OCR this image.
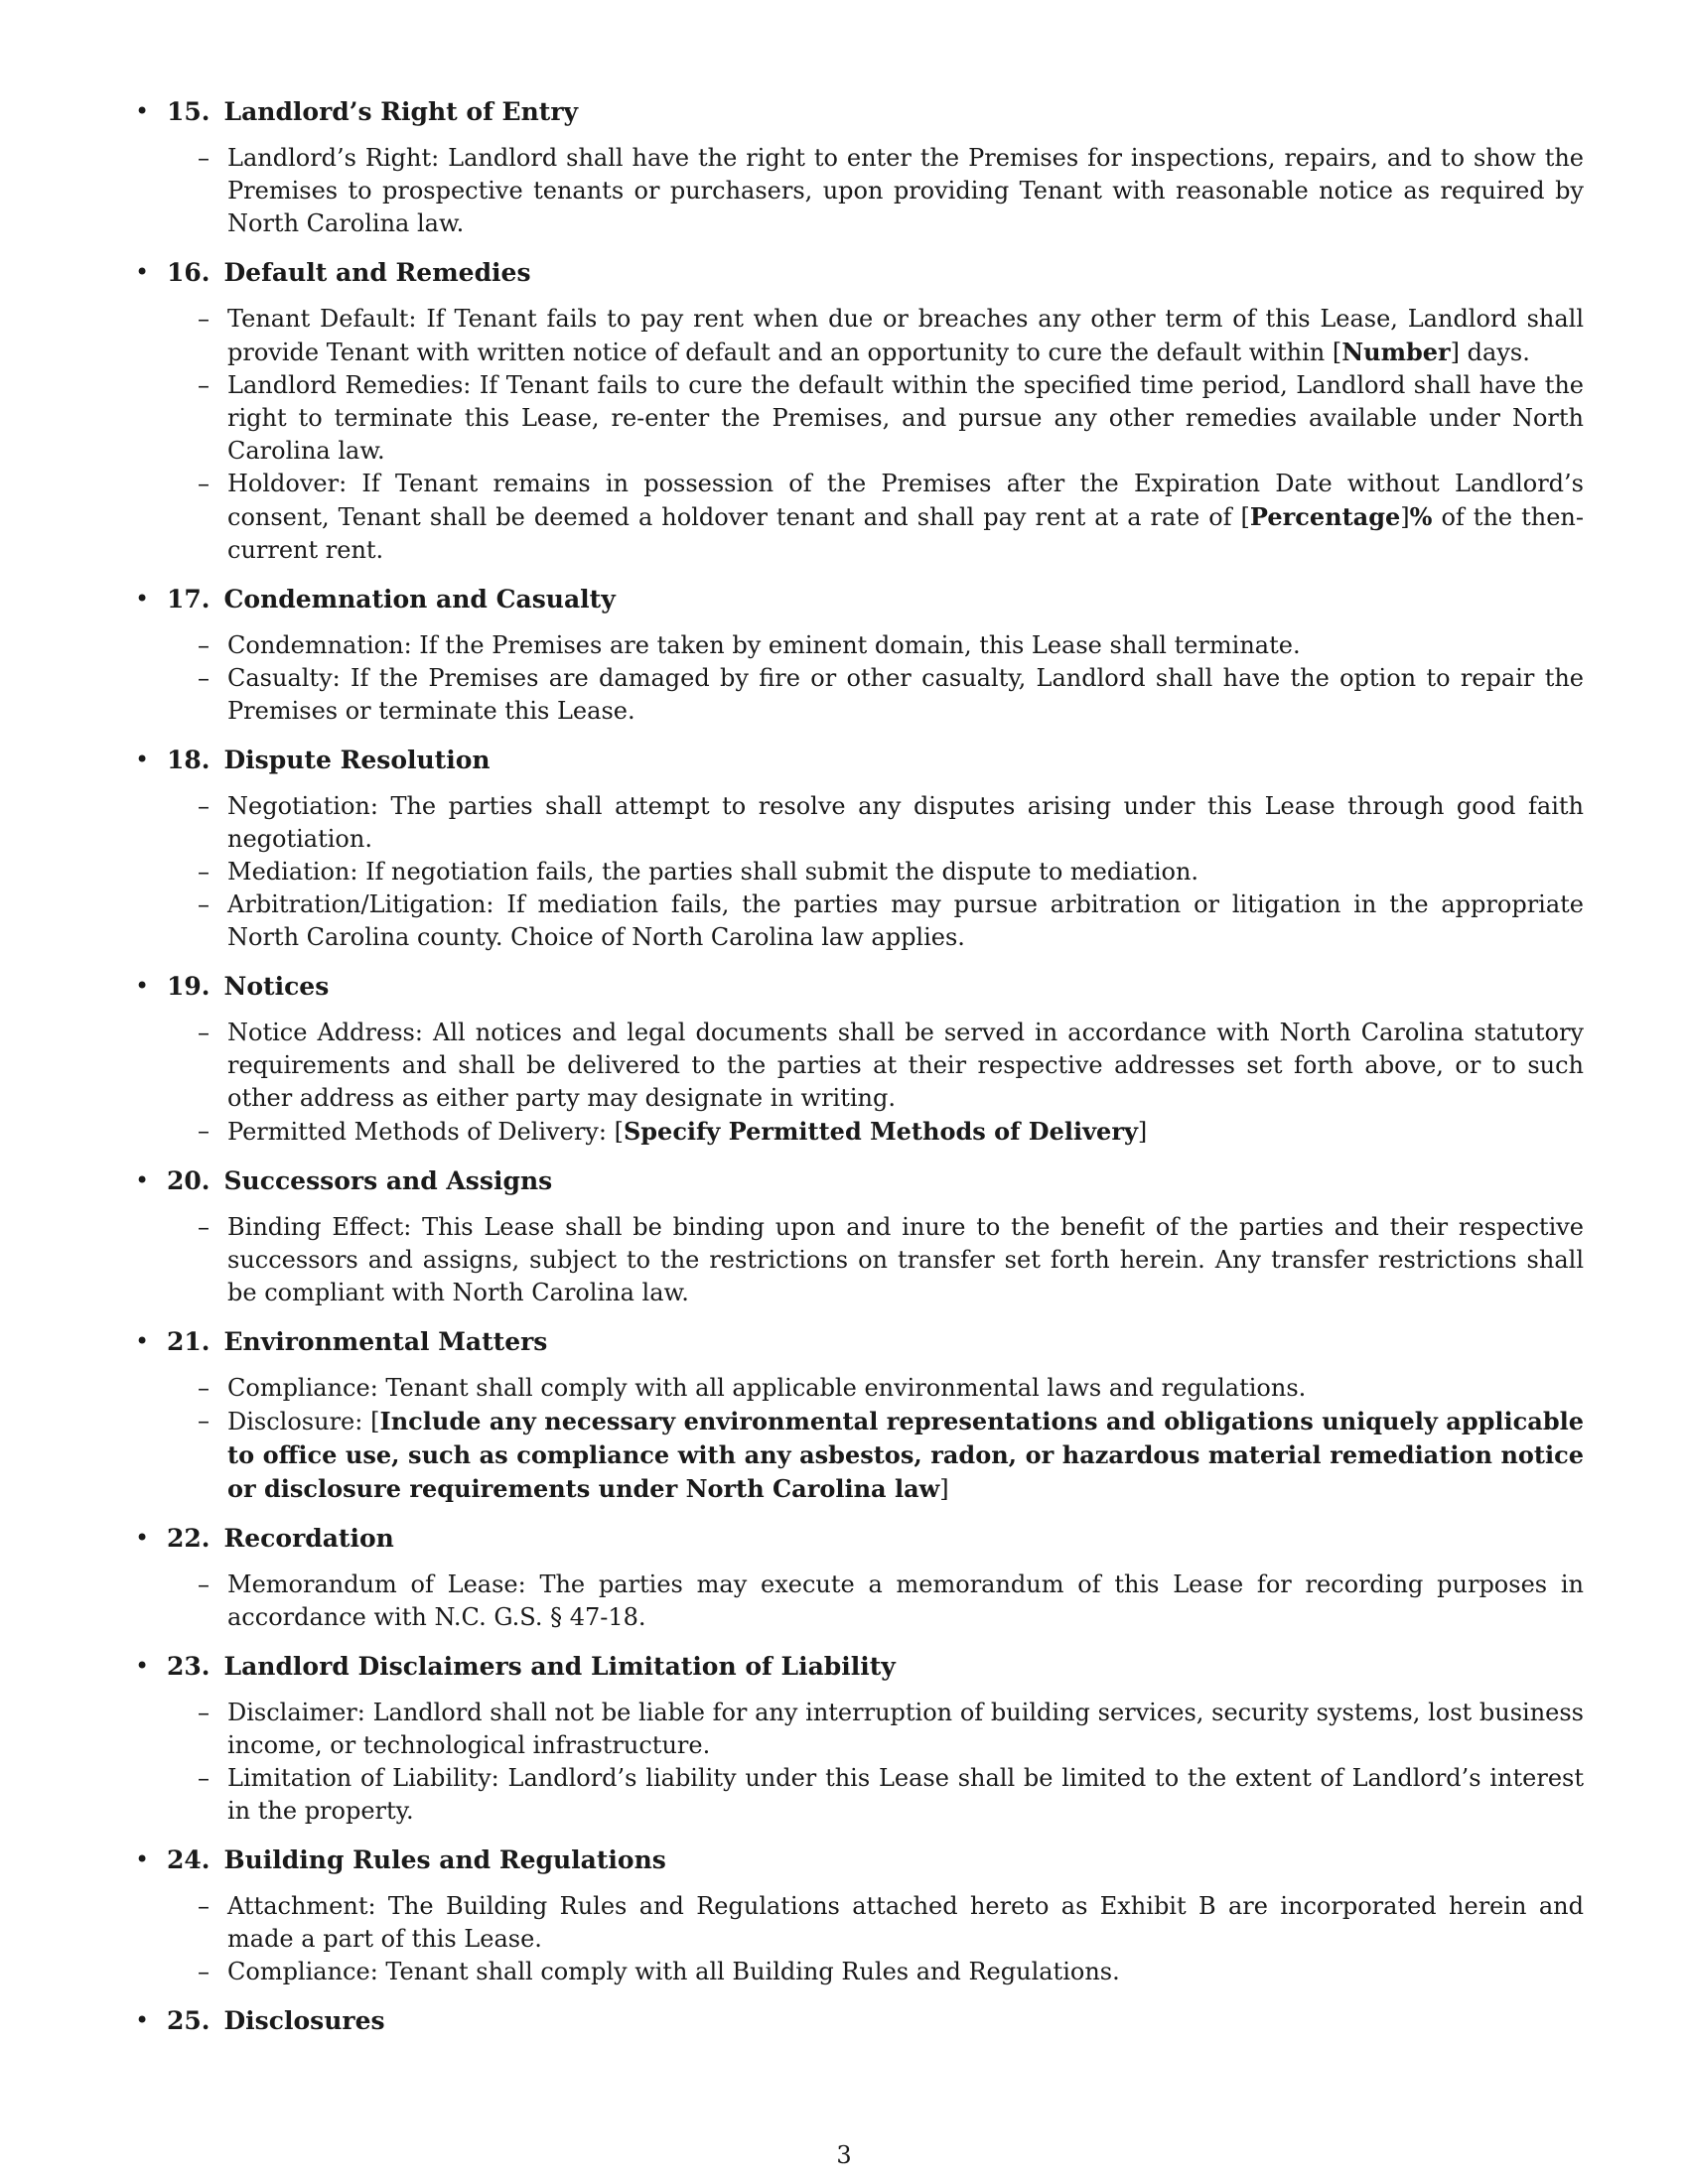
• 15. Landlord’s Right of Entry
– Landlord’s Right: Landlord shall have the right to enter the Premises for inspections, repairs, and to show the Premises to prospective tenants or purchasers, upon providing Tenant with reasonable notice as required by North Carolina law.
• 16. Default and Remedies
– Tenant Default: If Tenant fails to pay rent when due or breaches any other term of this Lease, Landlord shall provide Tenant with written notice of default and an opportunity to cure the default within [Number] days.
– Landlord Remedies: If Tenant fails to cure the default within the specified time period, Landlord shall have the right to terminate this Lease, re-enter the Premises, and pursue any other remedies available under North Carolina law.
– Holdover: If Tenant remains in possession of the Premises after the Expiration Date without Landlord’s consent, Tenant shall be deemed a holdover tenant and shall pay rent at a rate of [Percentage]% of the then-current rent.
• 17. Condemnation and Casualty
– Condemnation: If the Premises are taken by eminent domain, this Lease shall terminate.
– Casualty: If the Premises are damaged by fire or other casualty, Landlord shall have the option to repair the Premises or terminate this Lease.
• 18. Dispute Resolution
– Negotiation: The parties shall attempt to resolve any disputes arising under this Lease through good faith negotiation.
– Mediation: If negotiation fails, the parties shall submit the dispute to mediation.
– Arbitration/Litigation: If mediation fails, the parties may pursue arbitration or litigation in the appropriate North Carolina county. Choice of North Carolina law applies.
• 19. Notices
– Notice Address: All notices and legal documents shall be served in accordance with North Carolina statutory requirements and shall be delivered to the parties at their respective addresses set forth above, or to such other address as either party may designate in writing.
– Permitted Methods of Delivery: [Specify Permitted Methods of Delivery]
• 20. Successors and Assigns
– Binding Effect: This Lease shall be binding upon and inure to the benefit of the parties and their respective successors and assigns, subject to the restrictions on transfer set forth herein. Any transfer restrictions shall be compliant with North Carolina law.
• 21. Environmental Matters
– Compliance: Tenant shall comply with all applicable environmental laws and regulations.
– Disclosure: [Include any necessary environmental representations and obligations uniquely applicable to office use, such as compliance with any asbestos, radon, or hazardous material remediation notice or disclosure requirements under North Carolina law]
• 22. Recordation
– Memorandum of Lease: The parties may execute a memorandum of this Lease for recording purposes in accordance with N.C. G.S. § 47-18.
• 23. Landlord Disclaimers and Limitation of Liability
– Disclaimer: Landlord shall not be liable for any interruption of building services, security systems, lost business income, or technological infrastructure.
– Limitation of Liability: Landlord’s liability under this Lease shall be limited to the extent of Landlord’s interest in the property.
• 24. Building Rules and Regulations
– Attachment: The Building Rules and Regulations attached hereto as Exhibit B are incorporated herein and made a part of this Lease.
– Compliance: Tenant shall comply with all Building Rules and Regulations.
• 25. Disclosures
3
